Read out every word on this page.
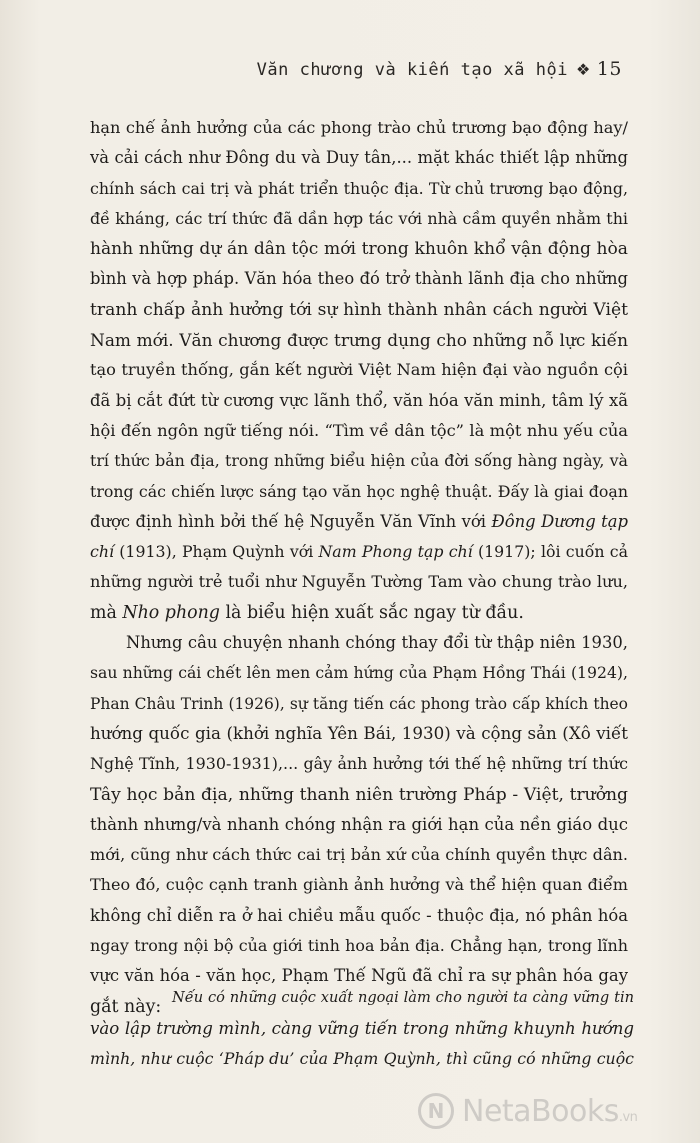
Văn chương và kiến tạo xã hội ❖ 15
hạn chế ảnh hưởng của các phong trào chủ trương bạo động hay/
và cải cách như Đông du và Duy tân,... mặt khác thiết lập những
chính sách cai trị và phát triển thuộc địa. Từ chủ trương bạo động,
đề kháng, các trí thức đã dần hợp tác với nhà cầm quyền nhằm thi
hành những dự án dân tộc mới trong khuôn khổ vận động hòa
bình và hợp pháp. Văn hóa theo đó trở thành lãnh địa cho những
tranh chấp ảnh hưởng tới sự hình thành nhân cách người Việt
Nam mới. Văn chương được trưng dụng cho những nỗ lực kiến
tạo truyền thống, gắn kết người Việt Nam hiện đại vào nguồn cội
đã bị cắt đứt từ cương vực lãnh thổ, văn hóa văn minh, tâm lý xã
hội đến ngôn ngữ tiếng nói. “Tìm về dân tộc” là một nhu yếu của
trí thức bản địa, trong những biểu hiện của đời sống hàng ngày, và
trong các chiến lược sáng tạo văn học nghệ thuật. Đấy là giai đoạn
được định hình bởi thế hệ Nguyễn Văn Vĩnh với Đông Dương tạp
chí (1913), Phạm Quỳnh với Nam Phong tạp chí (1917); lôi cuốn cả
những người trẻ tuổi như Nguyễn Tường Tam vào chung trào lưu,
mà Nho phong là biểu hiện xuất sắc ngay từ đầu.
Nhưng câu chuyện nhanh chóng thay đổi từ thập niên 1930,
sau những cái chết lên men cảm hứng của Phạm Hồng Thái (1924),
Phan Châu Trinh (1926), sự tăng tiến các phong trào cấp khích theo
hướng quốc gia (khởi nghĩa Yên Bái, 1930) và cộng sản (Xô viết
Nghệ Tĩnh, 1930-1931),... gây ảnh hưởng tới thế hệ những trí thức
Tây học bản địa, những thanh niên trường Pháp - Việt, trưởng
thành nhưng/và nhanh chóng nhận ra giới hạn của nền giáo dục
mới, cũng như cách thức cai trị bản xứ của chính quyền thực dân.
Theo đó, cuộc cạnh tranh giành ảnh hưởng và thể hiện quan điểm
không chỉ diễn ra ở hai chiều mẫu quốc - thuộc địa, nó phân hóa
ngay trong nội bộ của giới tinh hoa bản địa. Chẳng hạn, trong lĩnh
vực văn hóa - văn học, Phạm Thế Ngũ đã chỉ ra sự phân hóa gay
gắt này: Nếu có những cuộc xuất ngoại làm cho người ta càng vững tin
vào lập trường mình, càng vững tiến trong những khuynh hướng
mình, như cuộc ‘Pháp du’ của Phạm Quỳnh, thì cũng có những cuộc
N NetaBooks.vn
